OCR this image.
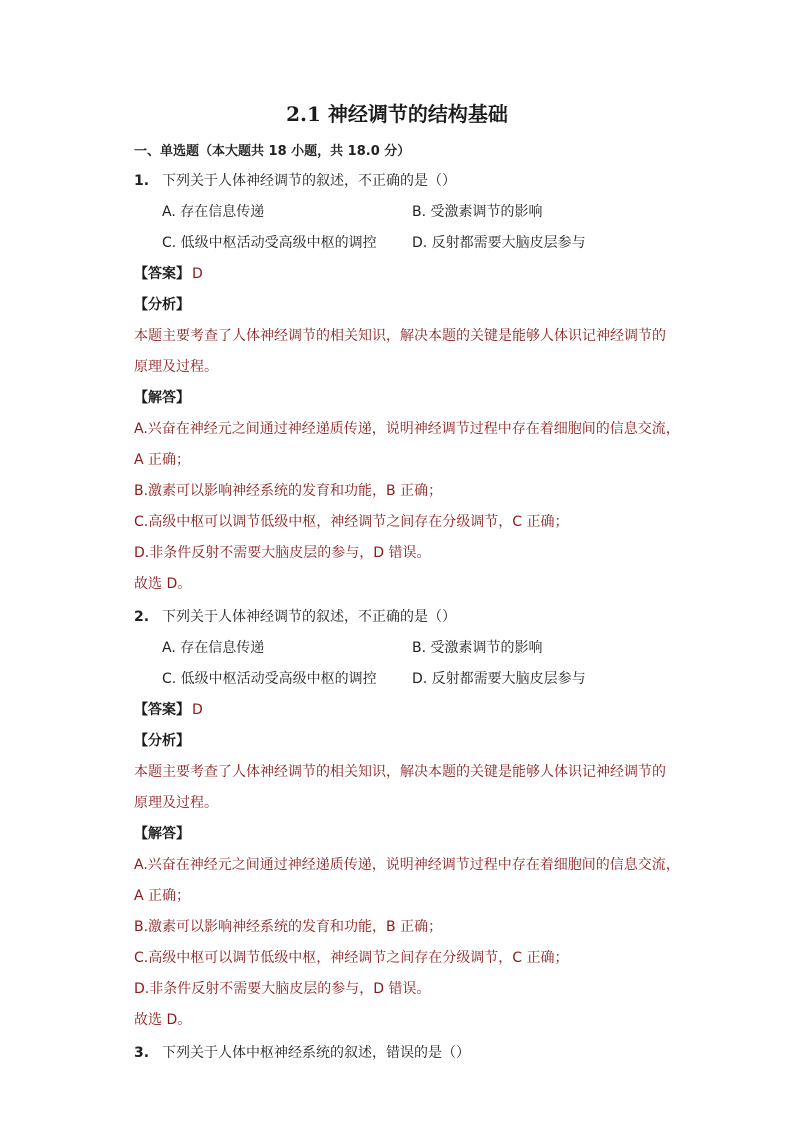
2.1 神经调节的结构基础
一、单选题（本大题共 18 小题，共 18.0 分）
1. 下列关于人体神经调节的叙述，不正确的是（）
A. 存在信息传递	B. 受激素调节的影响
C. 低级中枢活动受高级中枢的调控	D. 反射都需要大脑皮层参与
【答案】 D
【分析】
本题主要考查了人体神经调节的相关知识，解决本题的关键是能够人体识记神经调节的
原理及过程。
【解答】
A.兴奋在神经元之间通过神经递质传递，说明神经调节过程中存在着细胞间的信息交流，
A 正确；
B.激素可以影响神经系统的发育和功能，B 正确；
C.高级中枢可以调节低级中枢，神经调节之间存在分级调节，C 正确；
D.非条件反射不需要大脑皮层的参与，D 错误。
故选 D。
2. 下列关于人体神经调节的叙述，不正确的是（）
A. 存在信息传递	B. 受激素调节的影响
C. 低级中枢活动受高级中枢的调控	D. 反射都需要大脑皮层参与
【答案】 D
【分析】
本题主要考查了人体神经调节的相关知识，解决本题的关键是能够人体识记神经调节的
原理及过程。
【解答】
A.兴奋在神经元之间通过神经递质传递，说明神经调节过程中存在着细胞间的信息交流，
A 正确；
B.激素可以影响神经系统的发育和功能，B 正确；
C.高级中枢可以调节低级中枢，神经调节之间存在分级调节，C 正确；
D.非条件反射不需要大脑皮层的参与，D 错误。
故选 D。
3. 下列关于人体中枢神经系统的叙述，错误的是（）
